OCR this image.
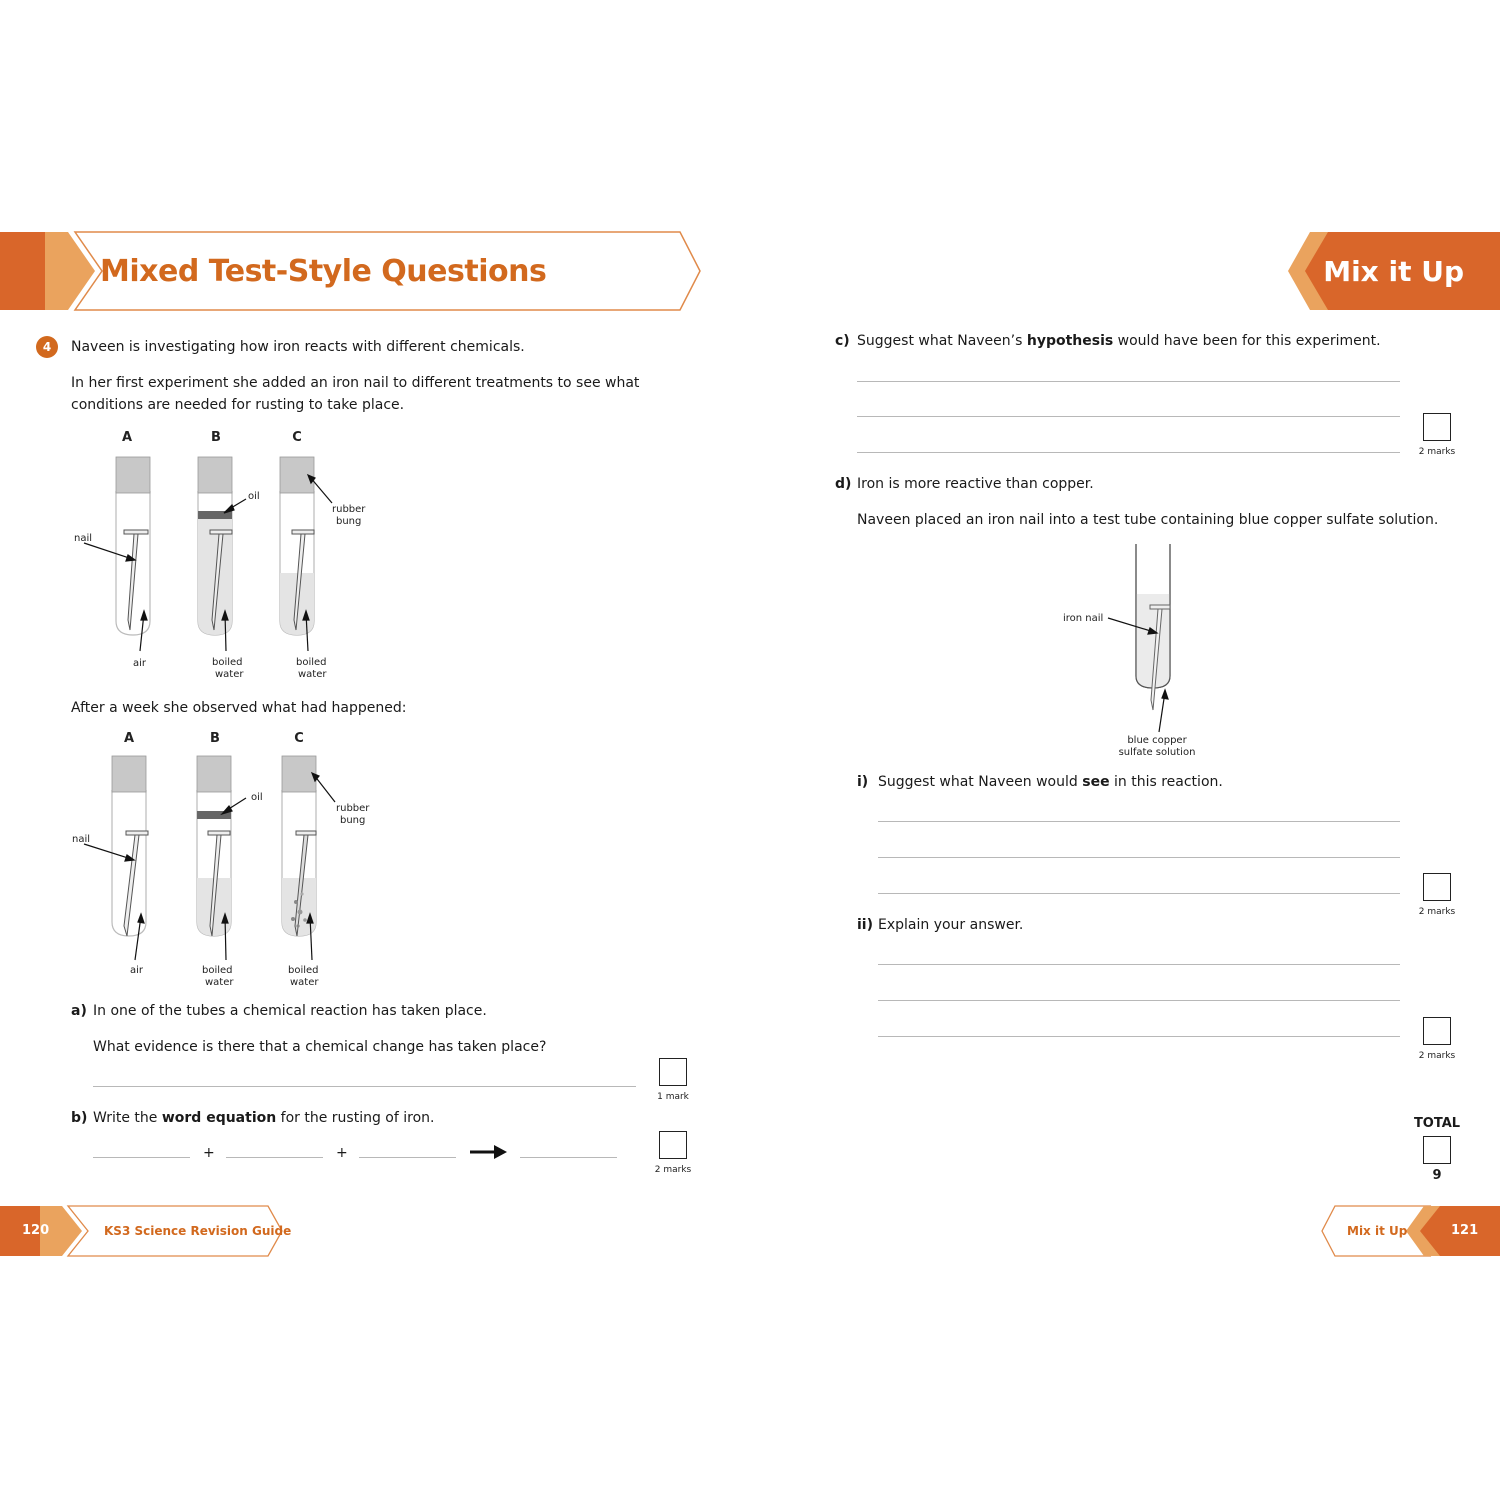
Mixed Test-Style Questions	Mix it Up
4	Naveen is investigating how iron reacts with different chemicals.
In her first experiment she added an iron nail to different treatments to see what
conditions are needed for rusting to take place.
A	B	C
oil
rubber
bung
nail
air	boiled
water
boiled
water
After a week she observed what had happened:
A	B	C
oil
rubber
bung
nail
air	boiled
water
boiled
water
a) In one of the tubes a chemical reaction has taken place.
What evidence is there that a chemical change has taken place?
1 mark
b) Write the word equation for the rusting of iron.
+	+
2 marks
c) Suggest what Naveen’s hypothesis would have been for this experiment.
2 marks
d) Iron is more reactive than copper.
Naveen placed an iron nail into a test tube containing blue copper sulfate solution.
iron nail
blue copper
sulfate solution
i) Suggest what Naveen would see in this reaction.
2 marks
ii) Explain your answer.
2 marks
TOTAL
9
120	KS3 Science Revision Guide	Mix it Up	121
